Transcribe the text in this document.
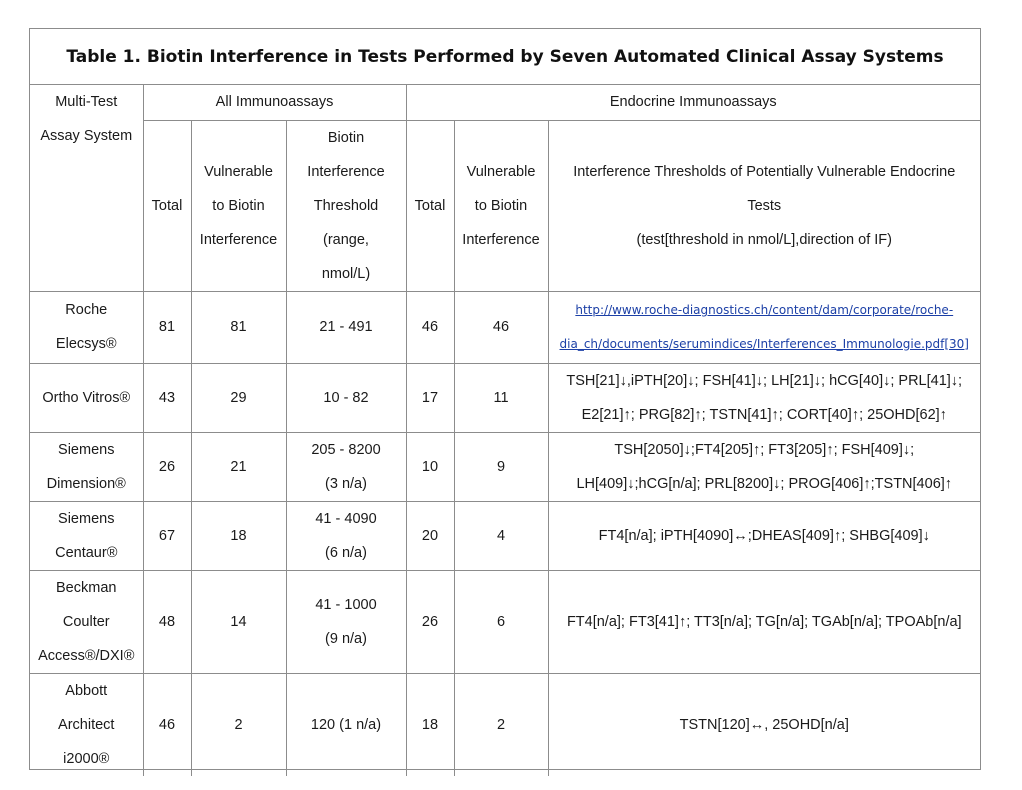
Table 1. Biotin Interference in Tests Performed by Seven Automated Clinical Assay Systems
Multi-Test
Assay System	All Immunoassays			Endocrine Immunoassays		
	Total	Vulnerable
to Biotin
Interference	Biotin
Interference
Threshold
(range,
nmol/L)	Total	Vulnerable
to Biotin
Interference	Interference Thresholds of Potentially Vulnerable Endocrine
Tests
(test[threshold in nmol/L],direction of IF)

Roche
Elecsys®	81	81	21 - 491	46	46	http://www.roche-diagnostics.ch/content/dam/corporate/roche-
dia_ch/documents/serumindices/Interferences_Immunologie.pdf[30]

Ortho Vitros®	43	29	10 - 82	17	11	TSH[21]↓,iPTH[20]↓; FSH[41]↓; LH[21]↓; hCG[40]↓; PRL[41]↓;
E2[21]↑; PRG[82]↑; TSTN[41]↑; CORT[40]↑; 25OHD[62]↑

Siemens
Dimension®	26	21	205 - 8200
(3 n/a)	10	9	TSH[2050]↓;FT4[205]↑; FT3[205]↑; FSH[409]↓;
LH[409]↓;hCG[n/a]; PRL[8200]↓; PROG[406]↑;TSTN[406]↑

Siemens
Centaur®	67	18	41 - 4090
(6 n/a)	20	4	FT4[n/a]; iPTH[4090]↔;DHEAS[409]↑; SHBG[409]↓

Beckman
Coulter
Access®/DXI®	48	14	41 - 1000
(9 n/a)	26	6	FT4[n/a]; FT3[41]↑; TT3[n/a]; TG[n/a]; TGAb[n/a]; TPOAb[n/a]

Abbott
Architect
i2000®	46	2	120 (1 n/a)	18	2	TSTN[120]↔, 25OHD[n/a]
